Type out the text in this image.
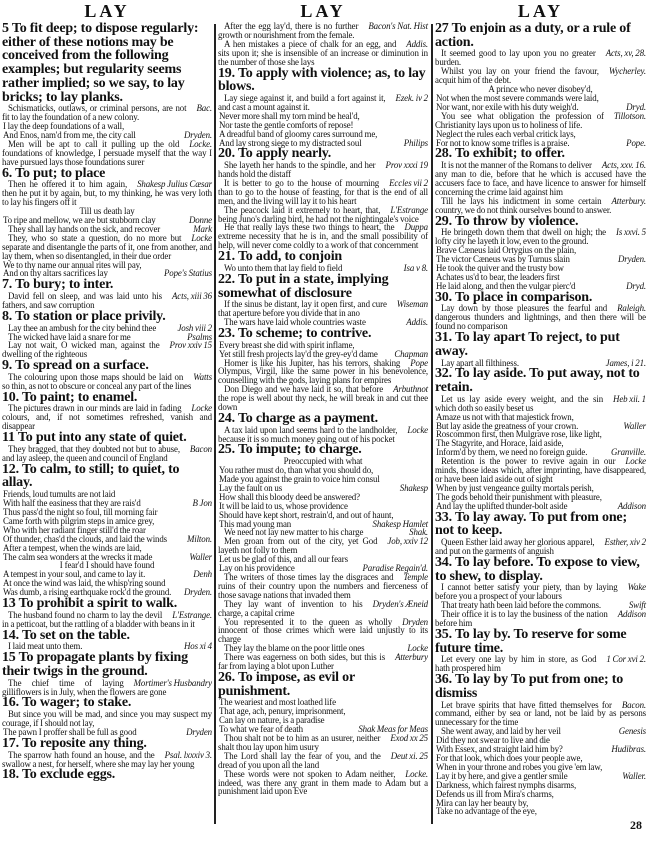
LAY
5 To fit deep; to dispose regularly: either of these notions may be conceived from the following examples; but regularity seems rather implied; so we say, to lay bricks; to lay planks.
Bac.
Schismaticks, outlaws, or criminal persons, are not fit to lay the foundation of a new colony.
I lay the deep foundations of a wall,
Dryden.
And Enos, nam'd from me, the city call
Locke.
Men will be apt to call it pulling up the old foundations of knowledge, I persuade myself that the way I have pursued lays those foundations surer
6. To put; to place
Shakesp Julius Cæsar
Then he offered it to him again, then he put it by again, but, to my thinking, he was very loth to lay his fingers off it
Till us death lay
Donne
To ripe and mellow, we are but stubborn clay
Mark
They shall lay hands on the sick, and recover
Locke
They, who so state a question, do no more but separate and disentangle the parts of it, one from another, and lay them, when so disentangled, in their due order
We to thy name our annual rites will pay,
Pope's Statius
And on thy altars sacrifices lay
7. To bury; to inter.
Acts, xiii 36
David fell on sleep, and was laid unto his fathers, and saw corruption
8. To station or place privily.
Josh viii 2
Lay thee an ambush for the city behind thee
Psalms
The wicked have laid a snare for me
Prov xxiv 15
Lay not wait, O wicked man, against the dwelling of the righteous
9. To spread on a surface.
Watts
The colouring upon those maps should be laid on so thin, as not to obscure or conceal any part of the lines
10. To paint; to enamel.
Locke
The pictures drawn in our minds are laid in fading colours, and, if not sometimes refreshed, vanish and disappear
11 To put into any state of quiet.
Bacon
They bragged, that they doubted not but to abuse, and lay asleep, the queen and council of England
12. To calm, to still; to quiet, to allay.
Friends, loud tumults are not laid
B Jon
With half the easiness that they are rais'd
Thus pass'd the night so foul, till morning fair
Came forth with pilgrim steps in amice grey,
Who with her radiant finger still'd the roar
Milton.
Of thunder, chas'd the clouds, and laid the winds
After a tempest, when the winds are laid,
Waller
The calm sea wonders at the wrecks it made
I fear'd I should have found
Denh
A tempest in your soul, and came to lay it.
At once the wind was laid, the whisp'ring sound
Dryden.
Was dumb, a rising earthquake rock'd the ground.
13 To prohibit a spirit to walk.
L'Estrange.
The husband found no charm to lay the devil in a petticoat, but the rattling of a bladder with beans in it
14. To set on the table.
Hos xi 4
I laid meat unto them.
15 To propagate plants by fixing their twigs in the ground.
Mortimer's Husbandry
The chief time of laying gilliflowers is in July, when the flowers are gone
16. To wager; to stake.
But since you will be mad, and since you may suspect my courage, if I should not lay,
Dryden
The pawn I proffer shall be full as good
17. To reposite any thing.
Psal. lxxxiv 3.
The sparrow hath found an house, and the swallow a nest, for herself, where she may lay her young
18. To exclude eggs.
LAY
Bacon's Nat. Hist
After the egg lay'd, there is no further growth or nourishment from the female.
Addis.
A hen mistakes a piece of chalk for an egg, and sits upon it; she is insensible of an increase or diminution in the number of those she lays
19. To apply with violence; as, to lay blows.
Ezek. iv 2
Lay siege against it, and build a fort against it, and cast a mount against it.
Never more shall my torn mind be heal'd,
Nor taste the gentle comforts of repose!
A dreadful band of gloomy cares surround me,
Philips
And lay strong siege to my distracted soul
20. To apply nearly.
Prov xxxi 19
She layeth her hands to the spindle, and her hands hold the distaff
Eccles vii 2
It is better to go to the house of mourning than to go to the house of feasting, for that is the end of all men, and the living will lay it to his heart
L'Estrange
The peacock laid it extremely to heart, that, being Juno's darling bird, he had not the nightingale's voice
Duppa
He that really lays these two things to heart, the extreme necessity that he is in, and the small possibility of help, will never come coldly to a work of that concernment
21. To add, to conjoin
Isa v 8.
Wo unto them that lay field to field
22. To put in a state, implying somewhat of disclosure
Wiseman
If the sinus be distant, lay it open first, and cure that aperture before you divide that in ano
Addis.
The wars have laid whole countries waste
23. To scheme; to contrive.
Every breast she did with spirit inflame,
Chapman
Yet still fresh projects lay'd the grey-ey'd dame
Pope
Homer is like his Jupiter, has his terrors, shaking Olympus, Virgil, like the same power in his benevolence, counselling with the gods, laying plans for empires
Arbuthnot
Don Diego and we have laid it so, that before the rope is well about thy neck, he will break in and cut thee down
24. To charge as a payment.
Locke
A tax laid upon land seems hard to the landholder, because it is so much money going out of his pocket
25. To impute; to charge.
Preoccupied with what
You rather must do, than what you should do,
Made you against the grain to voice him consul
Shakesp
Lay the fault on us
How shall this bloody deed be answered?
It will be laid to us, whose providence
Should have kept short, restrain'd, and out of haunt,
Shakesp Hamlet
This mad young man
Shak.
We need not lay new matter to his charge
Job, xxiv 12
Men groan from out of the city, yet God layeth not folly to them
Let us be glad of this, and all our fears
Paradise Regain'd.
Lay on his providence
Temple
The writers of those times lay the disgraces and ruins of their country upon the numbers and fierceness of those savage nations that invaded them
Dryden's Æneid
They lay want of invention to his charge, a capital crime
Dryden
You represented it to the queen as wholly innocent of those crimes which were laid unjustly to its charge
Locke
They lay the blame on the poor little ones
Atterbury
There was eagerness on both sides, but this is far from laying a blot upon Luther
26. To impose, as evil or punishment.
The weariest and most loathed life
That age, ach, penury, imprisonment,
Can lay on nature, is a paradise
Shak Meas for Meas
To what we fear of death
Exod xx 25
Thou shalt not be to him as an usurer, neither shalt thou lay upon him usury
Deut xi. 25
The Lord shall lay the fear of you, and the dread of you upon all the land
Locke.
These words were not spoken to Adam neither, indeed, was there any grant in them made to Adam but a punishment laid upon Eve
LAY
27 To enjoin as a duty, or a rule of action.
Acts, xv, 28.
It seemed good to lay upon you no greater burden.
Wycherley.
Whilst you lay on your friend the favour, acquit him of the debt.
A prince who never disobey'd,
Not when the most severe commands were laid,
Dryd.
Nor want, nor exile with his duty weigh'd.
Tillotson.
You see what obligation the profession of Christianity lays upon us to holiness of life.
Neglect the rules each verbal critick lays,
Pope.
For not to know some trifles is a praise.
28. To exhibit; to offer.
Acts, xxv. 16.
It is not the manner of the Romans to deliver any man to die, before that he which is accused have the accusers face to face, and have licence to answer for himself concerning the crime laid against him
Atterbury.
Till he lays his indictment in some certain country, we do not think ourselves bound to answer.
29. To throw by violence.
Is xxvi. 5
He bringeth down them that dwell on high; the lofty city he layeth it low, even to the ground.
Brave Cæneus laid Ortygius on the plain,
Dryden.
The victor Cæneus was by Turnus slain
He took the quiver and the trusty bow
Achates us'd to bear, the leaders first
Dryd.
He laid along, and then the vulgar pierc'd
30. To place in comparison.
Raleigh.
Lay down by those pleasures the fearful and dangerous thunders and lightnings, and then there will be found no comparison
31. To lay apart To reject, to put away.
James, i 21.
Lay apart all filthiness.
32. To lay aside. To put away, not to retain.
Heb xii. 1
Let us lay aside every weight, and the sin which doth so easily beset us
Amaze us not with that majestick frown,
Waller
But lay aside the greatness of your crown.
Roscommon first, then Mulgrave rose, like light,
The Stagyrite, and Horace, laid aside,
Granville.
Inform'd by them, we need no foreign guide.
Locke
Retention is the power to revive again in our minds, those ideas which, after imprinting, have disappeared, or have been laid aside out of sight
When by just vengeance guilty mortals perish,
The gods behold their punishment with pleasure,
Addison
And lay the uplifted thunder-bolt aside
33. To lay away. To put from one; not to keep.
Esther, xiv 2
Queen Esther laid away her glorious apparel, and put on the garments of anguish
34. To lay before. To expose to view, to shew, to display.
Wake
I cannot better satisfy your piety, than by laying before you a prospect of your labours
Swift
That treaty hath been laid before the commons.
Addison
Their office it is to lay the business of the nation before him
35. To lay by. To reserve for some future time.
1 Cor xvi 2.
Let every one lay by him in store, as God hath prospered him
36. To lay by To put from one; to dismiss
Bacon.
Let brave spirits that have fitted themselves for command, either by sea or land, not be laid by as persons unnecessary for the time
Genesis
She went away, and laid by her veil
Did they not swear to live and die
Hudibras.
With Essex, and straight laid him by?
For that look, which does your people awe,
When in your throne and robes you give 'em law,
Waller.
Lay it by here, and give a gentler smile
Darkness, which fairest nymphs disarms,
Defends us ill from Mira's charms,
Mira can lay her beauty by,
Take no advantage of the eye,
28
